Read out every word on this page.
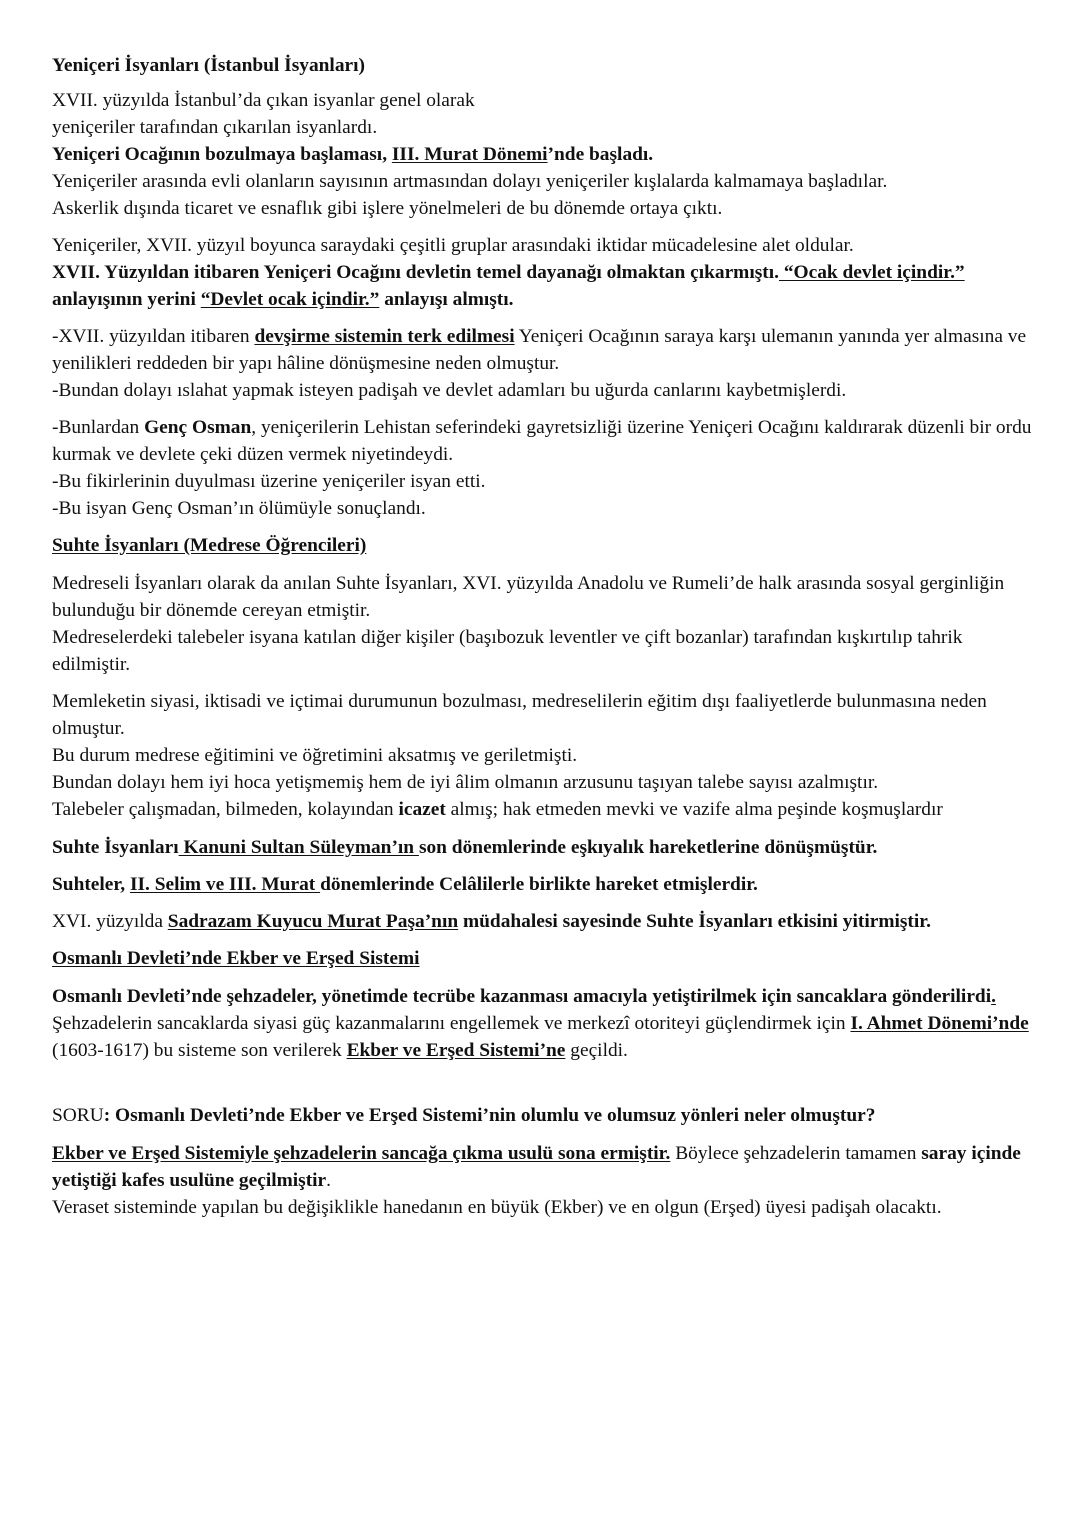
Yeniçeri İsyanları (İstanbul İsyanları)

XVII. yüzyılda İstanbul’da çıkan isyanlar genel olarak

yeniçeriler tarafından çıkarılan isyanlardı.

Yeniçeri Ocağının bozulmaya başlaması, III. Murat Dönemi’nde başladı.

Yeniçeriler arasında evli olanların sayısının artmasından dolayı yeniçeriler kışlalarda kalmamaya başladılar.

Askerlik dışında ticaret ve esnaflık gibi işlere yönelmeleri de bu dönemde ortaya çıktı.

Yeniçeriler, XVII. yüzyıl boyunca saraydaki çeşitli gruplar arasındaki iktidar mücadelesine alet oldular.

XVII. Yüzyıldan itibaren Yeniçeri Ocağını devletin temel dayanağı olmaktan çıkarmıştı. “Ocak devlet içindir.” anlayışının yerini “Devlet ocak içindir.” anlayışı almıştı.

-XVII. yüzyıldan itibaren devşirme sistemin terk edilmesi Yeniçeri Ocağının saraya karşı ulemanın yanında yer almasına ve yenilikleri reddeden bir yapı hâline dönüşmesine neden olmuştur.

-Bundan dolayı ıslahat yapmak isteyen padişah ve devlet adamları bu uğurda canlarını kaybetmişlerdi.

-Bunlardan Genç Osman, yeniçerilerin Lehistan seferindeki gayretsizliği üzerine Yeniçeri Ocağını kaldırarak düzenli bir ordu kurmak ve devlete çeki düzen vermek niyetindeydi.

-Bu fikirlerinin duyulması üzerine yeniçeriler isyan etti.

-Bu isyan Genç Osman’ın ölümüyle sonuçlandı.

Suhte İsyanları (Medrese Öğrencileri)

Medreseli İsyanları olarak da anılan Suhte İsyanları, XVI. yüzyılda Anadolu ve Rumeli’de halk arasında sosyal gerginliğin bulunduğu bir dönemde cereyan etmiştir.

Medreselerdeki talebeler isyana katılan diğer kişiler (başıbozuk leventler ve çift bozanlar) tarafından kışkırtılıp tahrik edilmiştir.

Memleketin siyasi, iktisadi ve içtimai durumunun bozulması, medreselilerin eğitim dışı faaliyetlerde bulunmasına neden olmuştur.

Bu durum medrese eğitimini ve öğretimini aksatmış ve geriletmişti.

Bundan dolayı hem iyi hoca yetişmemiş hem de iyi âlim olmanın arzusunu taşıyan talebe sayısı azalmıştır.

Talebeler çalışmadan, bilmeden, kolayından icazet almış; hak etmeden mevki ve vazife alma peşinde koşmuşlardır

Suhte İsyanları Kanuni Sultan Süleyman’ın son dönemlerinde eşkıyalık hareketlerine dönüşmüştür.

Suhteler, II. Selim ve III. Murat dönemlerinde Celâlilerle birlikte hareket etmişlerdir.

XVI. yüzyılda Sadrazam Kuyucu Murat Paşa’nın müdahalesi sayesinde Suhte İsyanları etkisini yitirmiştir.

Osmanlı Devleti’nde Ekber ve Erşed Sistemi

Osmanlı Devleti’nde şehzadeler, yönetimde tecrübe kazanması amacıyla yetiştirilmek için sancaklara gönderilirdi.

Şehzadelerin sancaklarda siyasi güç kazanmalarını engellemek ve merkezî otoriteyi güçlendirmek için I. Ahmet Dönemi’nde (1603-1617) bu sisteme son verilerek Ekber ve Erşed Sistemi’ne geçildi.

SORU: Osmanlı Devleti’nde Ekber ve Erşed Sistemi’nin olumlu ve olumsuz yönleri neler olmuştur?

Ekber ve Erşed Sistemiyle şehzadelerin sancağa çıkma usulü sona ermiştir. Böylece şehzadelerin tamamen saray içinde yetiştiği kafes usulüne geçilmiştir.

Veraset sisteminde yapılan bu değişiklikle hanedanın en büyük (Ekber) ve en olgun (Erşed) üyesi padişah olacaktı.
